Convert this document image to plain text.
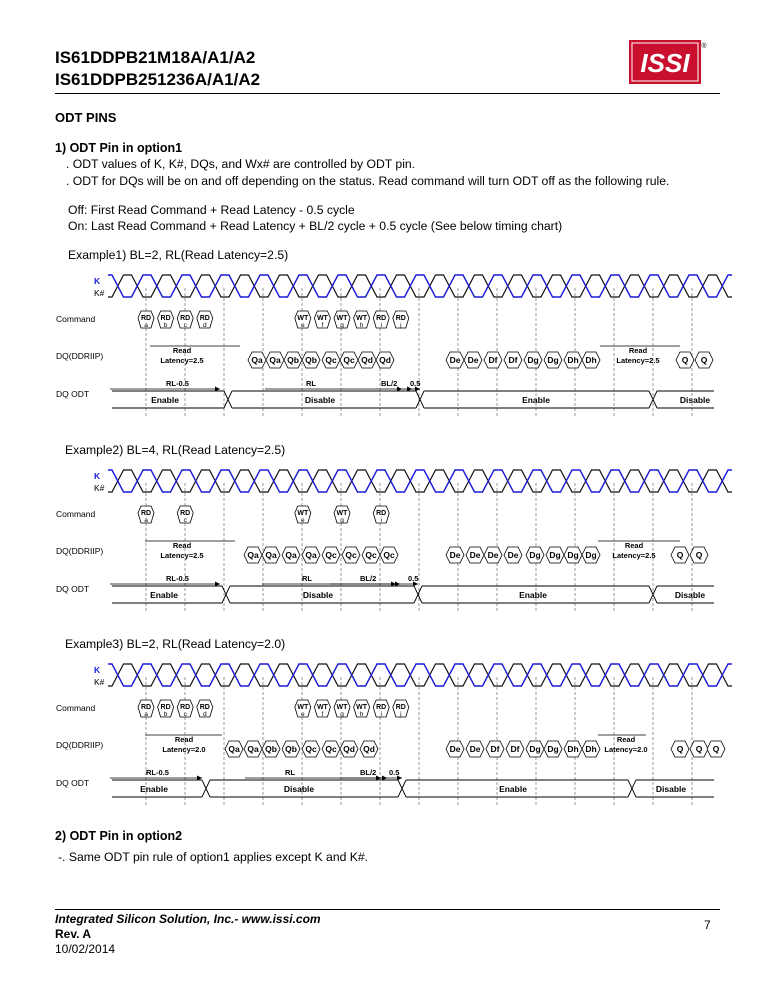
IS61DDPB21M18A/A1/A2
IS61DDPB251236A/A1/A2
ISSI
®
ODT PINS
1) ODT Pin in option1
. ODT values of K, K#, DQs, and Wx# are controlled by ODT pin.
. ODT for DQs will be on and off depending on the status. Read command will turn ODT off as the following rule.
Off: First Read Command + Read Latency - 0.5 cycle
On: Last Read Command + Read Latency + BL/2 cycle + 0.5 cycle (See below timing chart)
Example1) BL=2, RL(Read Latency=2.5)
K
K#
Command
DQ(DDRIIP)
DQ ODT
RD
a
RD
b
RD
c
RD
d
WT
e
WT
f
WT
g
WT
h
RD
i
RD
j
Qa Qa Qb Qb Qc Qc Qd Qd	De De Df Df Dg Dg Dh Dh	Q Q
Read
Latency=2.5
Read
Latency=2.5
RL-0.5	RL	BL/2 0.5
Enable	Disable	Enable	Disable
Example2) BL=4, RL(Read Latency=2.5)
K
K#
Command
DQ(DDRIIP)
DQ ODT
RD
a
RD
c
WT
e
WT
g
RD
i
Qa Qa Qa Qa Qc Qc Qc Qc	De De De De Dg Dg Dg Dg	Q Q
Read
Latency=2.5
Read
Latency=2.5
RL-0.5	RL	BL/2	0.5
Enable	Disable	Enable	Disable
Example3) BL=2, RL(Read Latency=2.0)
K
K#
Command
DQ(DDRIIP)
DQ ODT
RD
a
RD
b
RD
c
RD
d
WT
e
WT
f
WT
g
WT
h
RD
i
RD
j
Qa Qa Qb Qb Qc Qc Qd Qd	De De Df Df Dg Dg Dh Dh	Q Q Q
Read
Latency=2.0
Read
Latency=2.0
RL-0.5	RL	BL/2 0.5
Enable	Disable	Enable	Disable
2) ODT Pin in option2
-. Same ODT pin rule of option1 applies except K and K#.
Integrated Silicon Solution, Inc.- www.issi.com
Rev. A
10/02/2014
7
